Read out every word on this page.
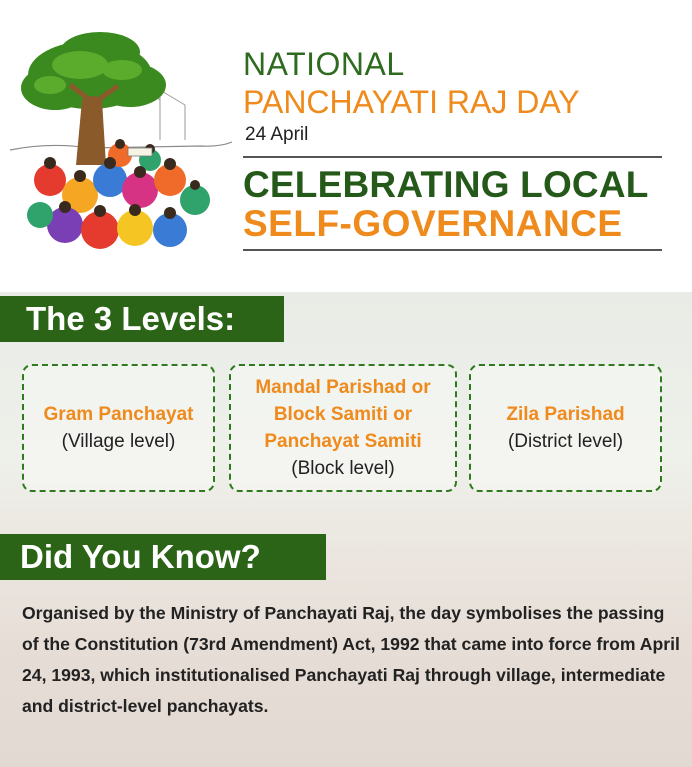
NATIONAL
PANCHAYATI RAJ DAY
24 April
CELEBRATING LOCAL
SELF-GOVERNANCE
The 3 Levels:
Gram Panchayat
(Village level)
Mandal Parishad or Block Samiti or Panchayat Samiti
(Block level)
Zila Parishad
(District level)
Did You Know?
Organised by the Ministry of Panchayati Raj, the day symbolises the passing of the Constitution (73rd Amendment) Act, 1992 that came into force from April 24, 1993, which institutionalised Panchayati Raj through village, intermediate and district-level panchayats.
